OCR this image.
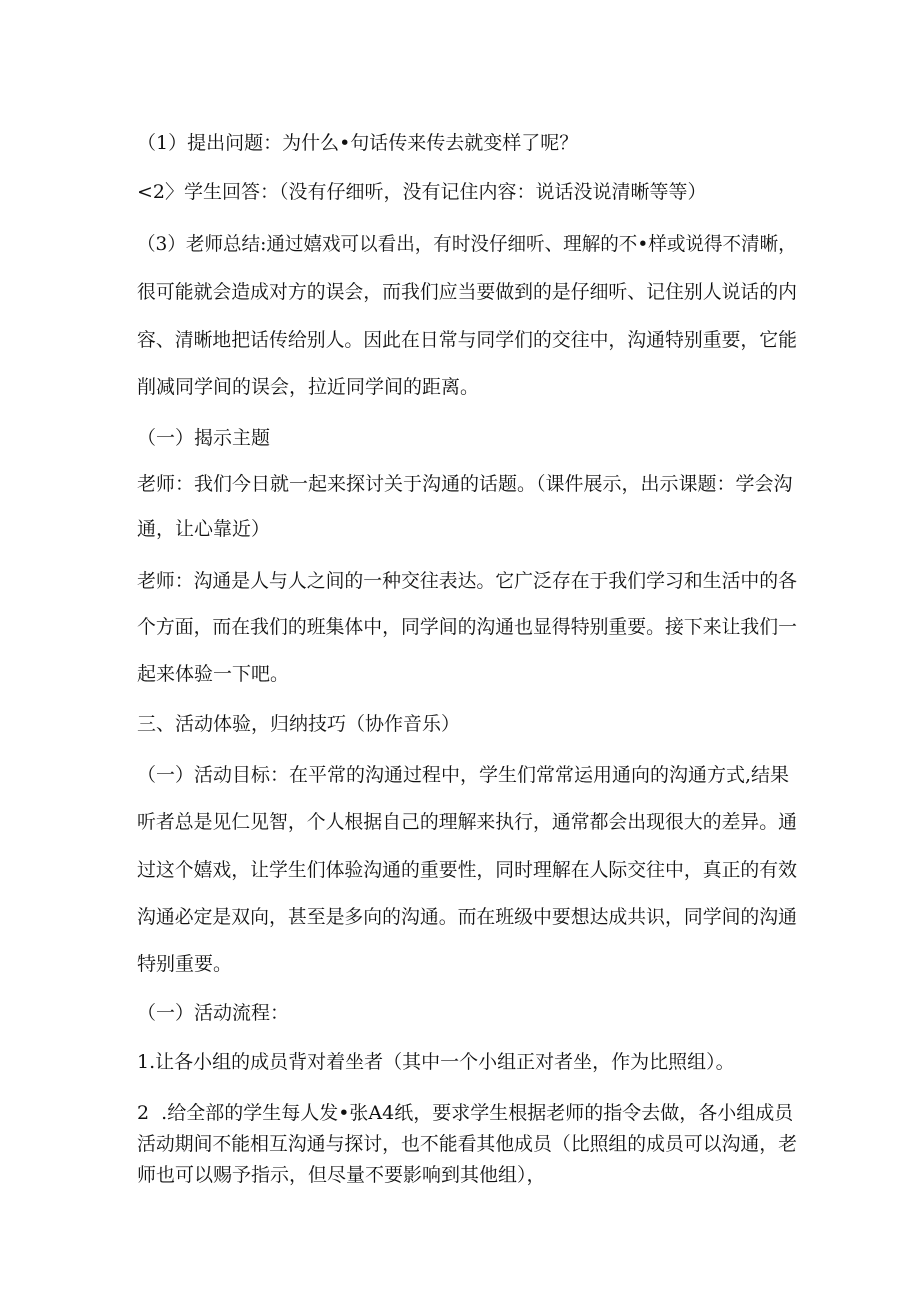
（1）提出问题：为什么•句话传来传去就变样了呢？
<2〉学生回答：（没有仔细听，没有记住内容：说话没说清晰等等）
（3）老师总结:通过嬉戏可以看出，有时没仔细听、理解的不•样或说得不清晰，
很可能就会造成对方的误会，而我们应当要做到的是仔细听、记住别人说话的内
容、清晰地把话传给别人。因此在日常与同学们的交往中，沟通特别重要，它能
削减同学间的误会，拉近同学间的距离。
（一）揭示主题
老师：我们今日就一起来探讨关于沟通的话题。（课件展示，出示课题：学会沟
通，让心靠近）
老师：沟通是人与人之间的一种交往表达。它广泛存在于我们学习和生活中的各
个方面，而在我们的班集体中，同学间的沟通也显得特别重要。接下来让我们一
起来体验一下吧。
三、活动体验，归纳技巧（协作音乐）
（一）活动目标：在平常的沟通过程中，学生们常常运用通向的沟通方式,结果
听者总是见仁见智，个人根据自己的理解来执行，通常都会出现很大的差异。通
过这个嬉戏，让学生们体验沟通的重要性，同时理解在人际交往中，真正的有效
沟通必定是双向，甚至是多向的沟通。而在班级中要想达成共识，同学间的沟通
特别重要。
（一）活动流程：
1.让各小组的成员背对着坐者（其中一个小组正对者坐，作为比照组）。
2  .给全部的学生每人发•张A4纸，要求学生根据老师的指令去做，各小组成员
活动期间不能相互沟通与探讨，也不能看其他成员（比照组的成员可以沟通，老
师也可以赐予指示，但尽量不要影响到其他组），
